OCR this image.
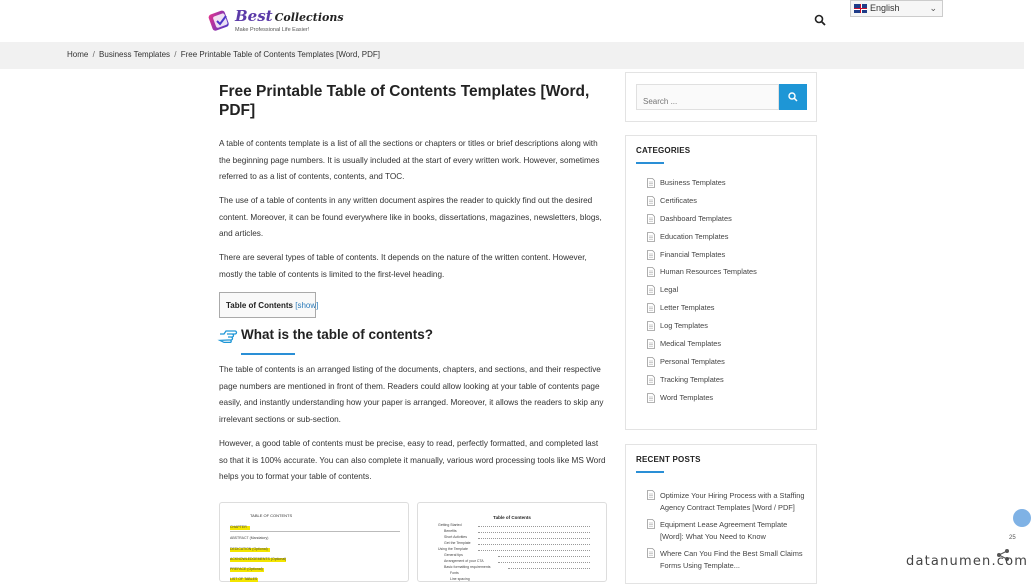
Best Collections
Make Professional Life Easier!
English	⌄
Home / Business Templates / Free Printable Table of Contents Templates [Word, PDF]
Free Printable Table of Contents Templates [Word, PDF]

A table of contents template is a list of all the sections or chapters or titles or brief descriptions along with the beginning page numbers. It is usually included at the start of every written work. However, sometimes referred to as a list of contents, contents, and TOC.

The use of a table of contents in any written document aspires the reader to quickly find out the desired content. Moreover, it can be found everywhere like in books, dissertations, magazines, newsletters, blogs, and articles.

There are several types of table of contents. It depends on the nature of the written content. However, mostly the table of contents is limited to the first-level heading.

Table of Contents [show]
What is the table of contents?

The table of contents is an arranged listing of the documents, chapters, and sections, and their respective page numbers are mentioned in front of them. Readers could allow looking at your table of contents page easily, and instantly understanding how your paper is arranged. Moreover, it allows the readers to skip any irrelevant sections or sub-section.

However, a good table of contents must be precise, easy to read, perfectly formatted, and completed last so that it is 100% accurate. You can also complete it manually, various word processing tools like MS Word helps you to format your table of contents.

TABLE OF CONTENTS
CHAPTER
ABSTRACT (Mandatory)
DEDICATION (Optional)
ACKNOWLEDGEMENTS (Optional)
PREFACE (Optional)
LIST OF TABLES
Table of Contents
Getting Started
Benefits
Short Activities
Get the Template
Using the Template
General tips
Arrangement of your CTA
Basic formatting requirements
Fonts
Line spacing
Search ...
CATEGORIES
Business Templates
Certificates
Dashboard Templates
Education Templates
Financial Templates
Human Resources Templates
Legal
Letter Templates
Log Templates
Medical Templates
Personal Templates
Tracking Templates
Word Templates
RECENT POSTS
Optimize Your Hiring Process with a Staffing Agency Contract Templates [Word / PDF]
Equipment Lease Agreement Template [Word]: What You Need to Know
Where Can You Find the Best Small Claims Forms Using Template...
25
datanumen.com
